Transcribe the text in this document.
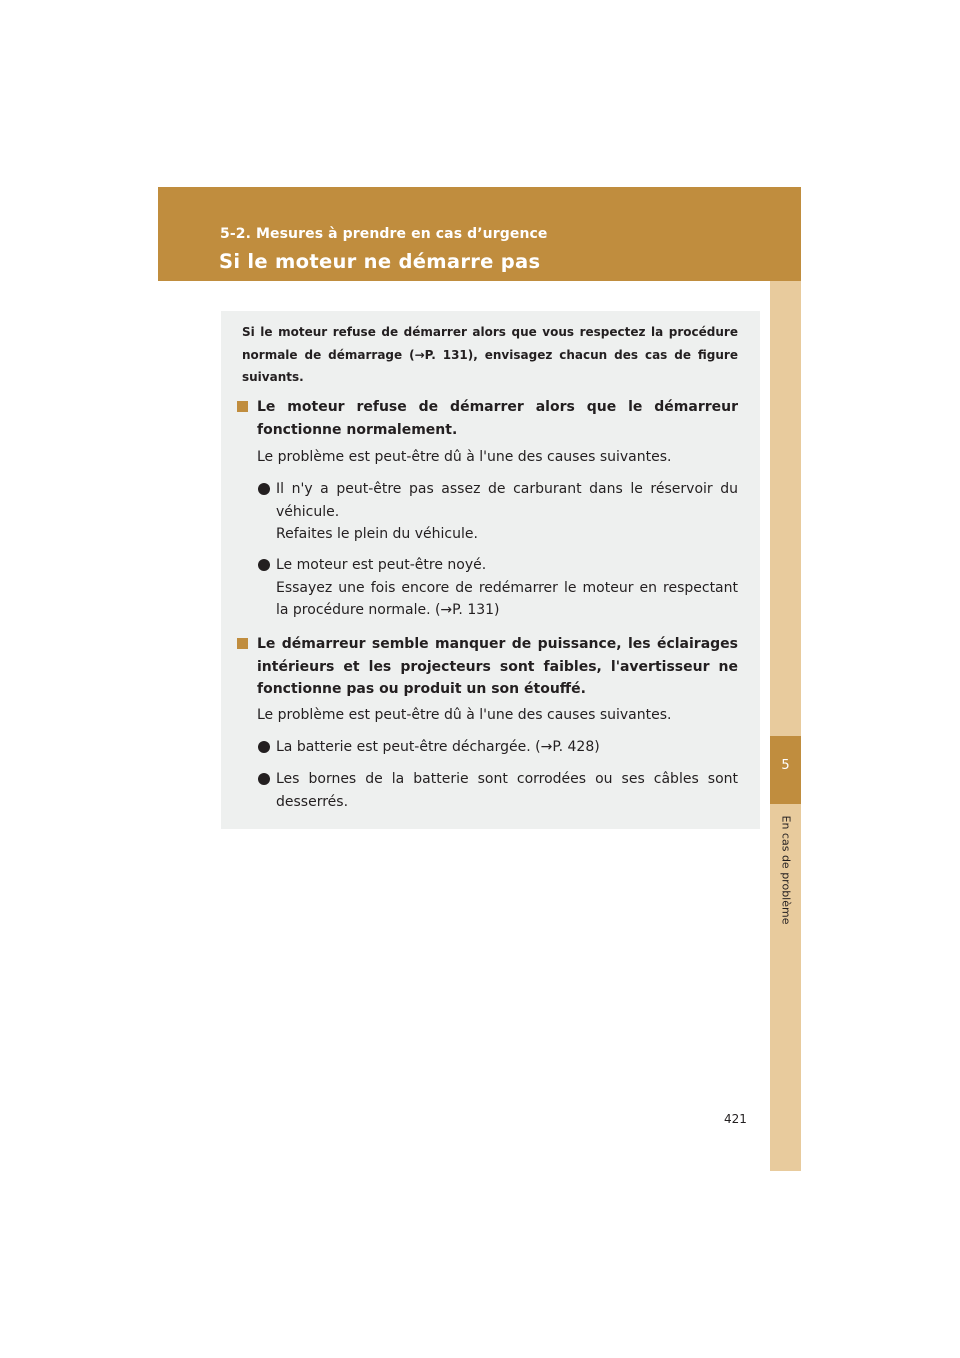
5-2. Mesures à prendre en cas d’urgence
Si le moteur ne démarre pas
5
En cas de problème
Si le moteur refuse de démarrer alors que vous respectez la procédure normale de démarrage (→P. 131), envisagez chacun des cas de figure suivants.
Le moteur refuse de démarrer alors que le démarreur fonctionne normalement.
Le problème est peut-être dû à l'une des causes suivantes.
Il n'y a peut-être pas assez de carburant dans le réservoir du véhicule.
Refaites le plein du véhicule.
Le moteur est peut-être noyé.
Essayez une fois encore de redémarrer le moteur en respectant la procédure normale. (→P. 131)
Le démarreur semble manquer de puissance, les éclairages intérieurs et les projecteurs sont faibles, l'avertisseur ne fonctionne pas ou produit un son étouffé.
Le problème est peut-être dû à l'une des causes suivantes.
La batterie est peut-être déchargée. (→P. 428)
Les bornes de la batterie sont corrodées ou ses câbles sont desserrés.
421
